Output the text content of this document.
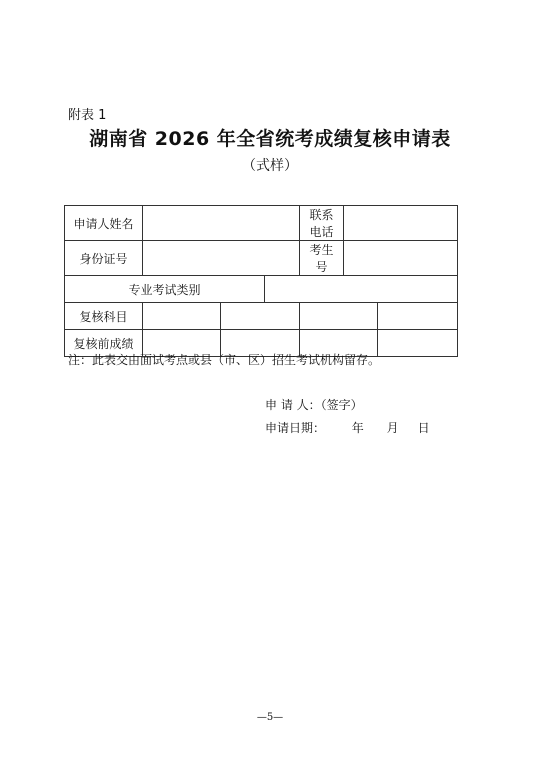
附表 1
湖南省 2026 年全省统考成绩复核申请表
（式样）
申请人姓名				联系电话		
身份证号				考生号		
专业考试类别						
复核科目						
复核前成绩						
注：此表交由面试考点或县（市、区）招生考试机构留存。
申 请 人：（签字）
申请日期：       年      月     日
—5—
